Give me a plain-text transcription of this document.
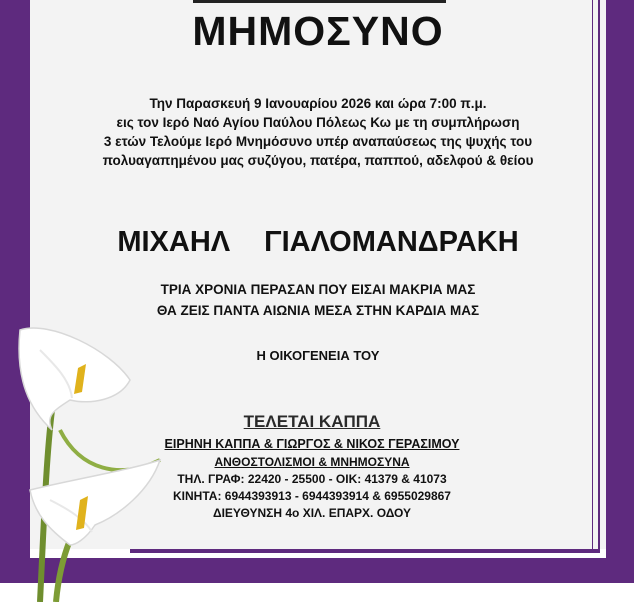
ΜΗΜΟΣΥΝΟ
Την Παρασκευή 9 Ιανουαρίου 2026 και ώρα 7:00 π.μ.
εις τον Ιερό Ναό Αγίου Παύλου Πόλεως Κω με τη συμπλήρωση
3 ετών Τελούμε Ιερό Μνημόσυνο υπέρ αναπαύσεως της ψυχής του
πολυαγαπημένου μας συζύγου, πατέρα, παππού, αδελφού & θείου
ΜΙΧΑΗΛ ΓΙΑΛΟΜΑΝΔΡΑΚΗ
ΤΡΙΑ ΧΡΟΝΙΑ ΠΕΡΑΣΑΝ ΠΟΥ ΕΙΣΑΙ ΜΑΚΡΙΑ ΜΑΣ
ΘΑ ΖΕΙΣ ΠΑΝΤΑ ΑΙΩΝΙΑ ΜΕΣΑ ΣΤΗΝ ΚΑΡΔΙΑ ΜΑΣ
Η ΟΙΚΟΓΕΝΕΙΑ ΤΟΥ
ΤΕΛΕΤΑΙ ΚΑΠΠΑ
ΕΙΡΗΝΗ ΚΑΠΠΑ & ΓΙΩΡΓΟΣ & ΝΙΚΟΣ ΓΕΡΑΣΙΜΟΥ
ΑΝΘΟΣΤΟΛΙΣΜΟΙ & ΜΝΗΜΟΣΥΝΑ
ΤΗΛ. ΓΡΑΦ: 22420 - 25500 - ΟΙΚ: 41379 & 41073
ΚΙΝΗΤΑ: 6944393913 - 6944393914 & 6955029867
ΔΙΕΥΘΥΝΣΗ 4ο ΧΙΛ. ΕΠΑΡΧ. ΟΔΟΥ
